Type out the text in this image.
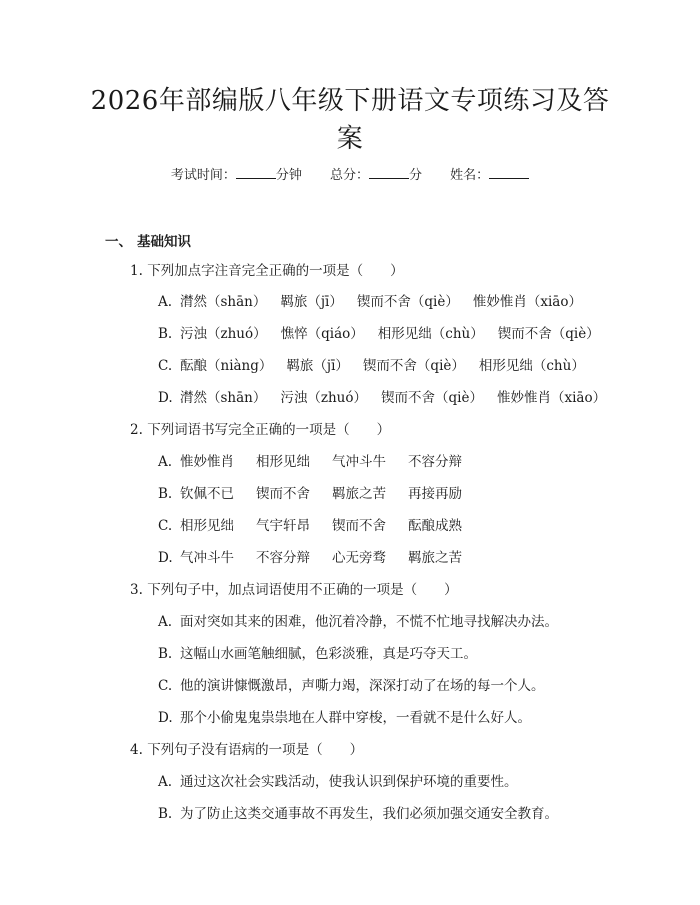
2026年部编版八年级下册语文专项练习及答案
考试时间：	分钟 总分：	分 姓名：
一、 基础知识
1. 下列加点字注音完全正确的一项是（　　）
A. 潸然（shān） 羁旅（jī） 锲而不舍（qiè） 惟妙惟肖（xiāo）
B. 污浊（zhuó） 憔悴（qiáo） 相形见绌（chù） 锲而不舍（qiè）
C. 酝酿（niàng） 羁旅（jī） 锲而不舍（qiè） 相形见绌（chù）
D. 潸然（shān） 污浊（zhuó） 锲而不舍（qiè） 惟妙惟肖（xiāo）
2. 下列词语书写完全正确的一项是（　　）
A. 惟妙惟肖 相形见绌 气冲斗牛 不容分辩
B. 钦佩不已 锲而不舍 羁旅之苦 再接再励
C. 相形见绌 气宇轩昂 锲而不舍 酝酿成熟
D. 气冲斗牛 不容分辩 心无旁骛 羁旅之苦
3. 下列句子中，加点词语使用不正确的一项是（　　）
A. 面对突如其来的困难，他沉着冷静，不慌不忙地寻找解决办法。
B. 这幅山水画笔触细腻，色彩淡雅，真是巧夺天工。
C. 他的演讲慷慨激昂，声嘶力竭，深深打动了在场的每一个人。
D. 那个小偷鬼鬼祟祟地在人群中穿梭，一看就不是什么好人。
4. 下列句子没有语病的一项是（　　）
A. 通过这次社会实践活动，使我认识到保护环境的重要性。
B. 为了防止这类交通事故不再发生，我们必须加强交通安全教育。
